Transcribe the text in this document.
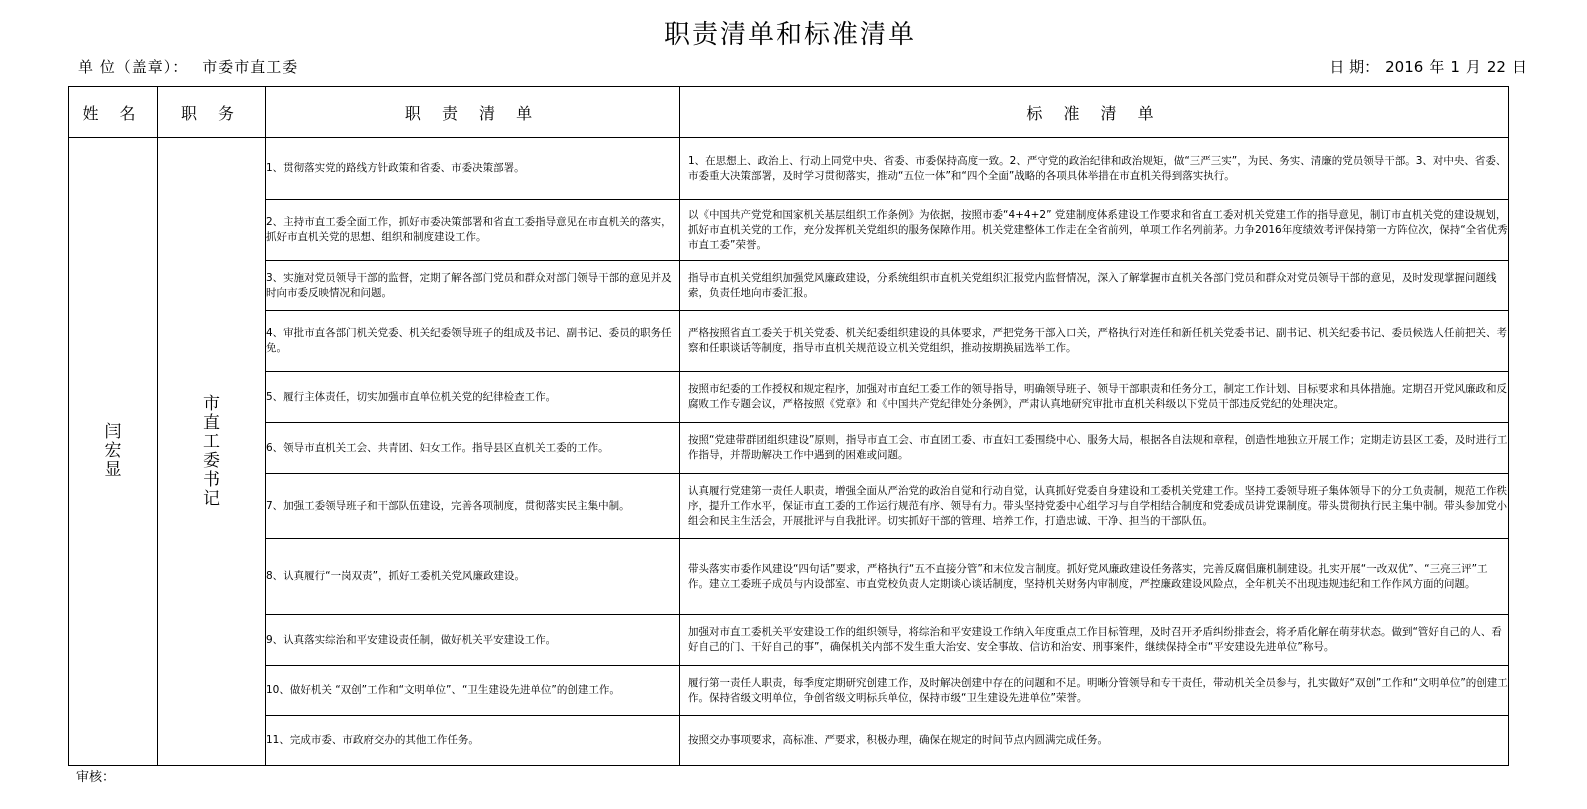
职责清单和标准清单
单 位（盖章）： 市委市直工委	日 期： 2016 年 1 月 22 日
姓 名	职 务	职 责 清 单	标 准 清 单
闫宏显	市直工委书记	1、贯彻落实党的路线方针政策和省委、市委决策部署。	1、在思想上、政治上、行动上同党中央、省委、市委保持高度一致。2、严守党的政治纪律和政治规矩，做“三严三实”，为民、务实、清廉的党员领导干部。3、对中央、省委、市委重大决策部署，及时学习贯彻落实，推动“五位一体”和“四个全面”战略的各项具体举措在市直机关得到落实执行。
		2、主持市直工委全面工作，抓好市委决策部署和省直工委指导意见在市直机关的落实，抓好市直机关党的思想、组织和制度建设工作。	以《中国共产党党和国家机关基层组织工作条例》为依据，按照市委“4+4+2” 党建制度体系建设工作要求和省直工委对机关党建工作的指导意见，制订市直机关党的建设规划，抓好市直机关党的工作，充分发挥机关党组织的服务保障作用。机关党建整体工作走在全省前列，单项工作名列前茅。力争2016年度绩效考评保持第一方阵位次，保持“全省优秀市直工委”荣誉。
		3、实施对党员领导干部的监督，定期了解各部门党员和群众对部门领导干部的意见并及时向市委反映情况和问题。	指导市直机关党组织加强党风廉政建设，分系统组织市直机关党组织汇报党内监督情况，深入了解掌握市直机关各部门党员和群众对党员领导干部的意见，及时发现掌握问题线索，负责任地向市委汇报。
		4、审批市直各部门机关党委、机关纪委领导班子的组成及书记、副书记、委员的职务任免。	严格按照省直工委关于机关党委、机关纪委组织建设的具体要求，严把党务干部入口关，严格执行对连任和新任机关党委书记、副书记、机关纪委书记、委员候选人任前把关、考察和任职谈话等制度，指导市直机关规范设立机关党组织，推动按期换届选举工作。
		5、履行主体责任，切实加强市直单位机关党的纪律检查工作。	按照市纪委的工作授权和规定程序，加强对市直纪工委工作的领导指导，明确领导班子、领导干部职责和任务分工，制定工作计划、目标要求和具体措施。定期召开党风廉政和反腐败工作专题会议，严格按照《党章》和《中国共产党纪律处分条例》，严肃认真地研究审批市直机关科级以下党员干部违反党纪的处理决定。
		6、领导市直机关工会、共青团、妇女工作。指导县区直机关工委的工作。	按照“党建带群团组织建设”原则，指导市直工会、市直团工委、市直妇工委围绕中心、服务大局，根据各自法规和章程，创造性地独立开展工作；定期走访县区工委，及时进行工作指导，并帮助解决工作中遇到的困难或问题。
		7、加强工委领导班子和干部队伍建设，完善各项制度，贯彻落实民主集中制。	认真履行党建第一责任人职责，增强全面从严治党的政治自觉和行动自觉，认真抓好党委自身建设和工委机关党建工作。坚持工委领导班子集体领导下的分工负责制，规范工作秩序，提升工作水平，保证市直工委的工作运行规范有序、领导有力。带头坚持党委中心组学习与自学相结合制度和党委成员讲党课制度。带头贯彻执行民主集中制。带头参加党小组会和民主生活会，开展批评与自我批评。切实抓好干部的管理、培养工作，打造忠诚、干净、担当的干部队伍。
		8、认真履行“一岗双责”，抓好工委机关党风廉政建设。	带头落实市委作风建设“四句话”要求，严格执行“五不直接分管”和末位发言制度。抓好党风廉政建设任务落实，完善反腐倡廉机制建设。扎实开展“一改双优”、“三亮三评”工作。建立工委班子成员与内设部室、市直党校负责人定期谈心谈话制度，坚持机关财务内审制度，严控廉政建设风险点，全年机关不出现违规违纪和工作作风方面的问题。
		9、认真落实综治和平安建设责任制，做好机关平安建设工作。	加强对市直工委机关平安建设工作的组织领导，将综治和平安建设工作纳入年度重点工作目标管理，及时召开矛盾纠纷排查会，将矛盾化解在萌芽状态。做到“管好自己的人、看好自己的门、干好自己的事”，确保机关内部不发生重大治安、安全事故、信访和治安、刑事案件，继续保持全市“平安建设先进单位”称号。
		10、做好机关 “双创”工作和“文明单位”、“卫生建设先进单位”的创建工作。	履行第一责任人职责，每季度定期研究创建工作，及时解决创建中存在的问题和不足。明晰分管领导和专干责任，带动机关全员参与，扎实做好“双创”工作和“文明单位”的创建工作。保持省级文明单位，争创省级文明标兵单位，保持市级“卫生建设先进单位”荣誉。
		11、完成市委、市政府交办的其他工作任务。	按照交办事项要求，高标准、严要求，积极办理，确保在规定的时间节点内圆满完成任务。
审核：
